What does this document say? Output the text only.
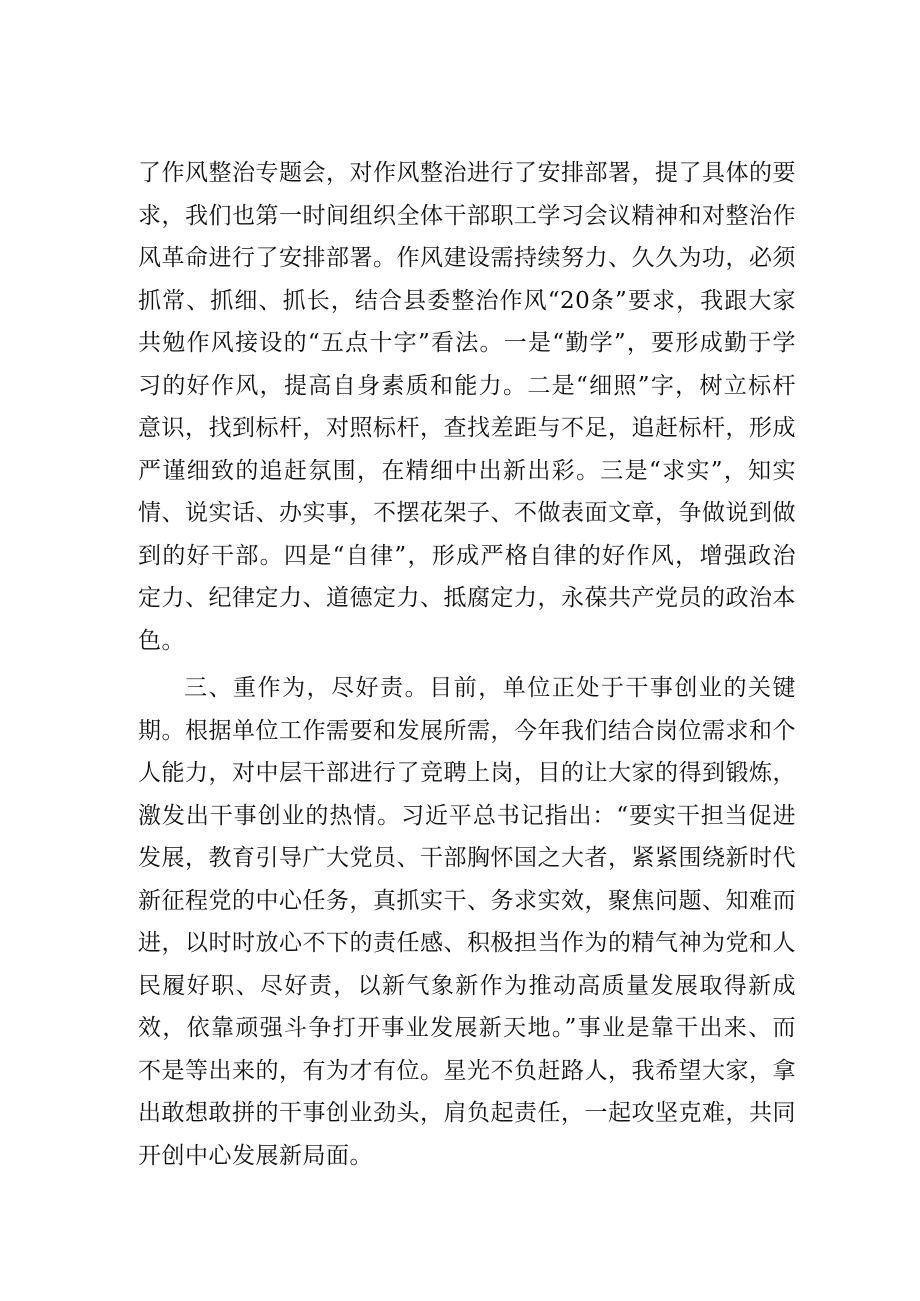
了作风整治专题会，对作风整治进行了安排部署，提了具体的要求，我们也第一时间组织全体干部职工学习会议精神和对整治作风革命进行了安排部署。作风建设需持续努力、久久为功，必须抓常、抓细、抓长，结合县委整治作风“20条”要求，我跟大家共勉作风接设的“五点十字”看法。一是“勤学”，要形成勤于学习的好作风，提高自身素质和能力。二是“细照”字，树立标杆意识，找到标杆，对照标杆，查找差距与不足，追赶标杆，形成严谨细致的追赶氛围，在精细中出新出彩。三是“求实”，知实情、说实话、办实事，不摆花架子、不做表面文章，争做说到做到的好干部。四是“自律”，形成严格自律的好作风，增强政治定力、纪律定力、道德定力、抵腐定力，永葆共产党员的政治本色。

三、重作为，尽好责。目前，单位正处于干事创业的关键期。根据单位工作需要和发展所需，今年我们结合岗位需求和个人能力，对中层干部进行了竞聘上岗，目的让大家的得到锻炼，激发出干事创业的热情。习近平总书记指出：“要实干担当促进发展，教育引导广大党员、干部胸怀国之大者，紧紧围绕新时代新征程党的中心任务，真抓实干、务求实效，聚焦问题、知难而进，以时时放心不下的责任感、积极担当作为的精气神为党和人民履好职、尽好责，以新气象新作为推动高质量发展取得新成效，依靠顽强斗争打开事业发展新天地。”事业是靠干出来、而不是等出来的，有为才有位。星光不负赶路人，我希望大家，拿出敢想敢拼的干事创业劲头，肩负起责任，一起攻坚克难，共同开创中心发展新局面。
